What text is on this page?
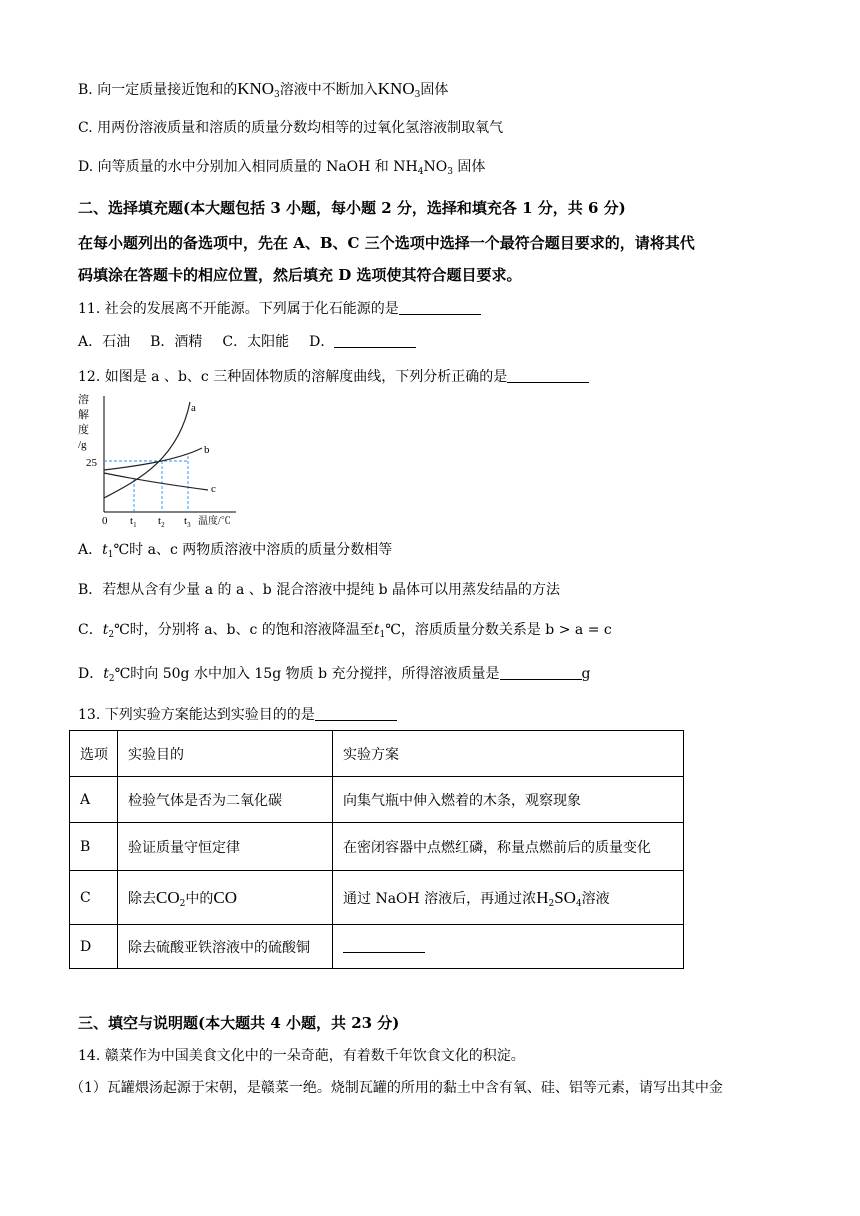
B. 向一定质量接近饱和的$KNO_3$溶液中不断加入$KNO_3$固体
C. 用两份溶液质量和溶质的质量分数均相等的过氧化氢溶液制取氧气
D. 向等质量的水中分别加入相同质量的 NaOH 和 $NH_4NO_3$ 固体
二、选择填充题(本大题包括 3 小题，每小题 2 分，选择和填充各 1 分，共 6 分)
在每小题列出的备选项中，先在 A、B、C 三个选项中选择一个最符合题目要求的，请将其代
码填涂在答题卡的相应位置，然后填充 D 选项使其符合题目要求。
11. 社会的发展离不开能源。下列属于化石能源的是
A．石油 B．酒精 C．太阳能 D．
12. 如图是 a 、b、c 三种固体物质的溶解度曲线，下列分析正确的是
溶
解
度
/g
25
0 $t_1$ $t_2$ $t_3$ 温度/℃
a
b
c
A．$t_1℃$时 a、c 两物质溶液中溶质的质量分数相等
B．若想从含有少量 a 的 a 、b 混合溶液中提纯 b 晶体可以用蒸发结晶的方法
C．$t_2℃$时，分别将 a、b、c 的饱和溶液降温至$t_1℃$，溶质质量分数关系是 b > a = c
D．$t_2℃$时向 50g 水中加入 15g 物质 b 充分搅拌，所得溶液质量是	g
13. 下列实验方案能达到实验目的的是
选项	实验目的	实验方案
A	检验气体是否为二氧化碳	向集气瓶中伸入燃着的木条，观察现象
B	验证质量守恒定律	在密闭容器中点燃红磷，称量点燃前后的质量变化
C	除去$CO_2$中的CO	通过 NaOH 溶液后，再通过浓$H_2SO_4$溶液
D	除去硫酸亚铁溶液中的硫酸铜	
三、填空与说明题(本大题共 4 小题，共 23 分)
14. 赣菜作为中国美食文化中的一朵奇葩，有着数千年饮食文化的积淀。
（1）瓦罐煨汤起源于宋朝，是赣菜一绝。烧制瓦罐的所用的黏土中含有氧、硅、铝等元素，请写出其中金
